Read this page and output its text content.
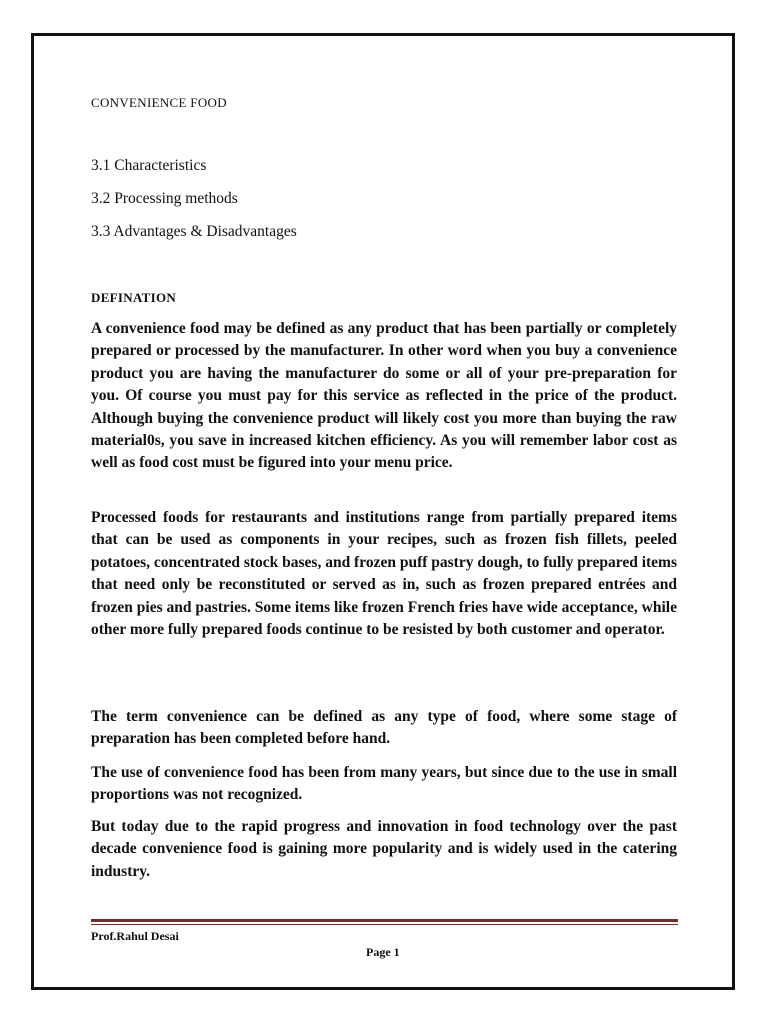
CONVENIENCE FOOD
3.1 Characteristics
3.2 Processing methods
3.3 Advantages & Disadvantages
DEFINATION

A convenience food may be defined as any product that has been partially or completely prepared or processed by the manufacturer. In other word when you buy a convenience product you are having the manufacturer do some or all of your pre-preparation for you. Of course you must pay for this service as reflected in the price of the product. Although buying the convenience product will likely cost you more than buying the raw material0s, you save in increased kitchen efficiency. As you will remember labor cost as well as food cost must be figured into your menu price.

Processed foods for restaurants and institutions range from partially prepared items that can be used as components in your recipes, such as frozen fish fillets, peeled potatoes, concentrated stock bases, and frozen puff pastry dough, to fully prepared items that need only be reconstituted or served as in, such as frozen prepared entrées and frozen pies and pastries. Some items like frozen French fries have wide acceptance, while other more fully prepared foods continue to be resisted by both customer and operator.

The term convenience can be defined as any type of food, where some stage of preparation has been completed before hand.

The use of convenience food has been from many years, but since due to the use in small proportions was not recognized.

But today due to the rapid progress and innovation in food technology over the past decade convenience food is gaining more popularity and is widely used in the catering industry.

Prof.Rahul Desai
Page 1
